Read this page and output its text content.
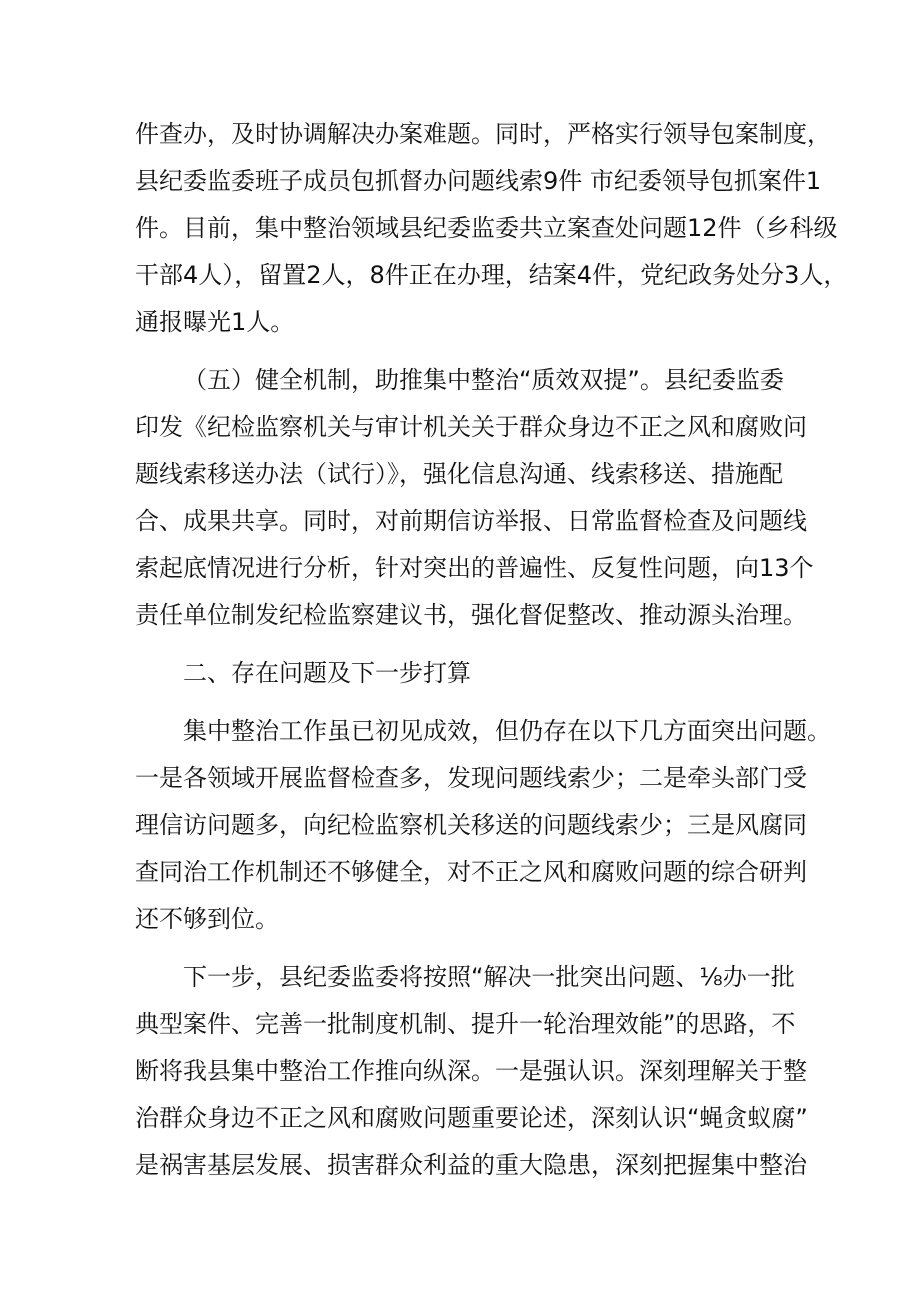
件查办，及时协调解决办案难题。同时，严格实行领导包案制度，
县纪委监委班子成员包抓督办问题线索9件 市纪委领导包抓案件1
件。目前，集中整治领域县纪委监委共立案查处问题12件（乡科级
干部4人），留置2人，8件正在办理，结案4件，党纪政务处分3人，
通报曝光1人。
（五）健全机制，助推集中整治“质效双提”。县纪委监委
印发《纪检监察机关与审计机关关于群众身边不正之风和腐败问
题线索移送办法（试行）》，强化信息沟通、线索移送、措施配
合、成果共享。同时，对前期信访举报、日常监督检查及问题线
索起底情况进行分析，针对突出的普遍性、反复性问题，向13个
责任单位制发纪检监察建议书，强化督促整改、推动源头治理。
二、存在问题及下一步打算
集中整治工作虽已初见成效，但仍存在以下几方面突出问题。
一是各领域开展监督检查多，发现问题线索少；二是牵头部门受
理信访问题多，向纪检监察机关移送的问题线索少；三是风腐同
查同治工作机制还不够健全，对不正之风和腐败问题的综合研判
还不够到位。
下一步，县纪委监委将按照“解决一批突出问题、⅛办一批
典型案件、完善一批制度机制、提升一轮治理效能”的思路，不
断将我县集中整治工作推向纵深。一是强认识。深刻理解关于整
治群众身边不正之风和腐败问题重要论述，深刻认识“蝇贪蚁腐”
是祸害基层发展、损害群众利益的重大隐患，深刻把握集中整治
